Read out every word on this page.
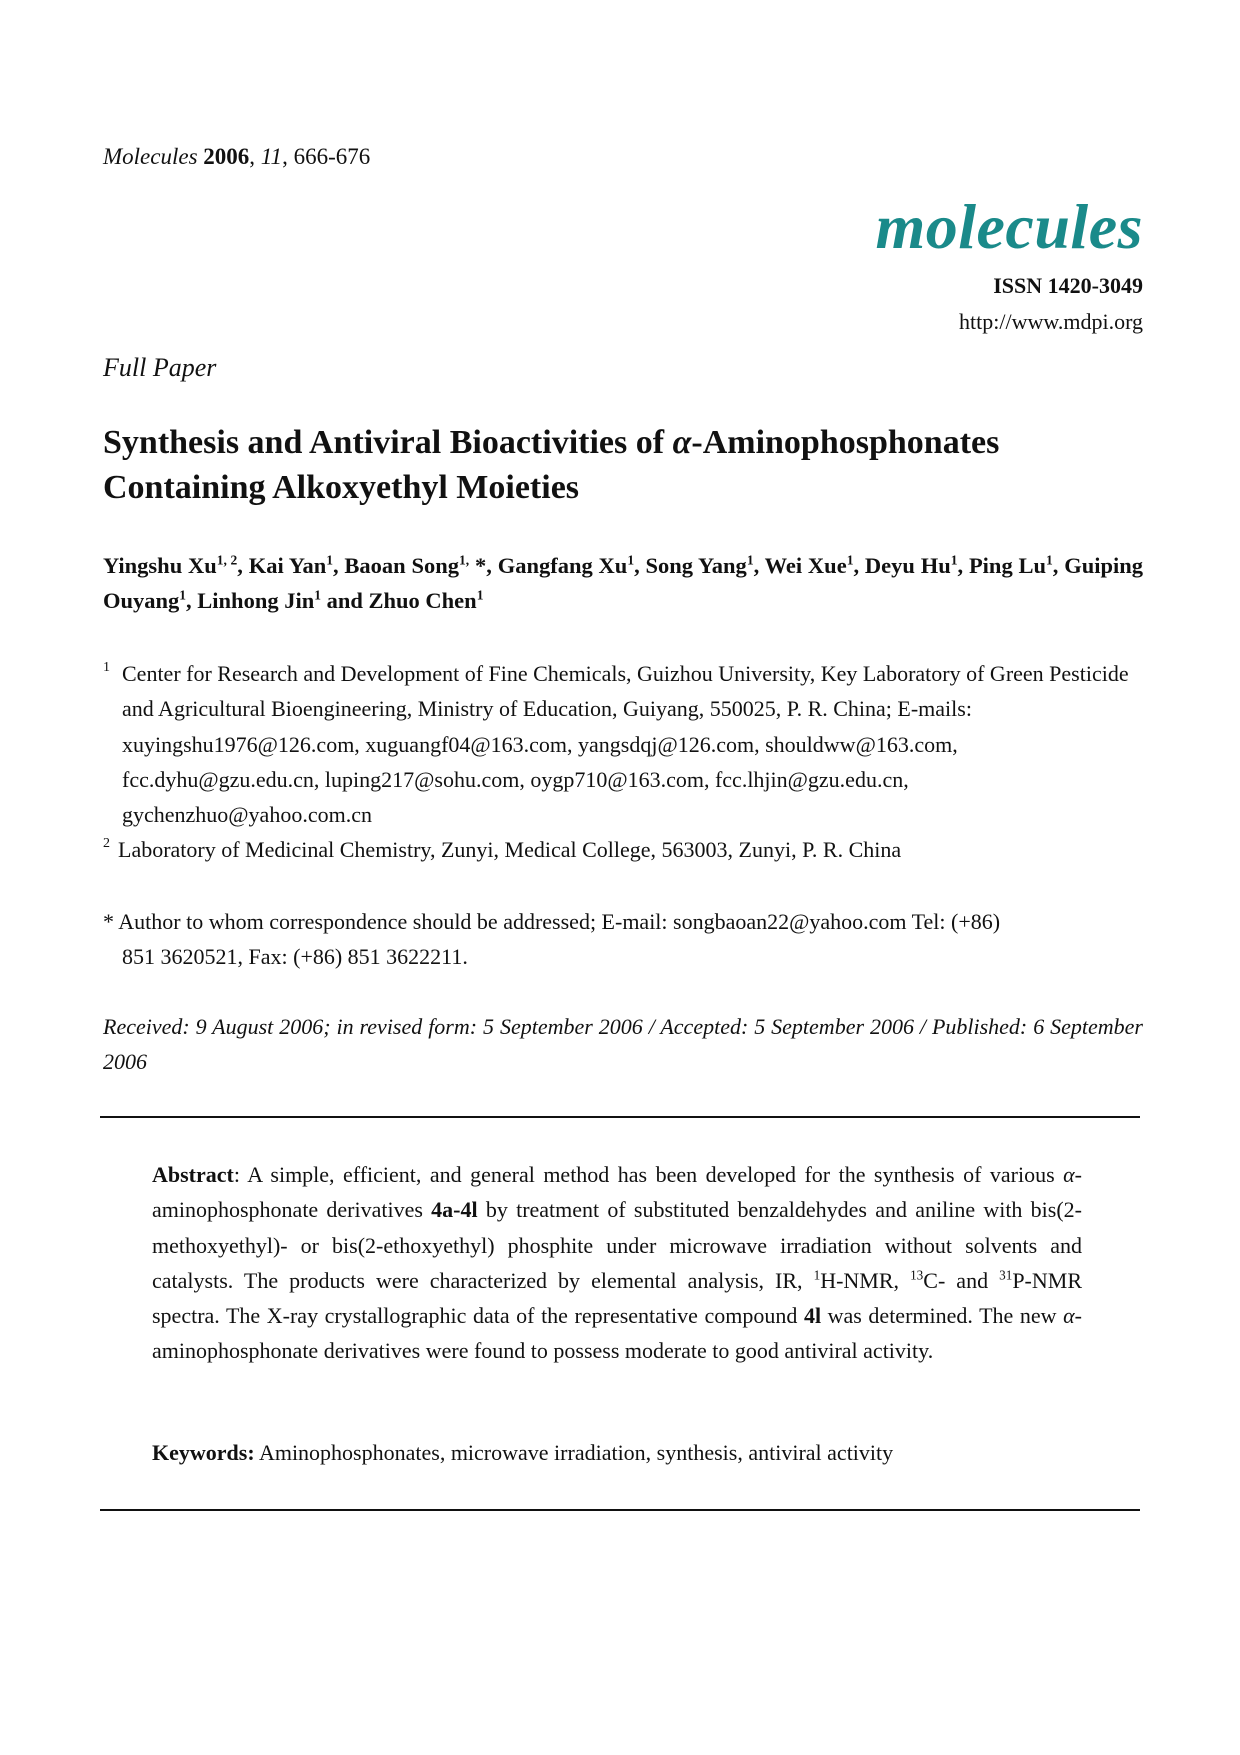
Molecules 2006, 11, 666-676
molecules
ISSN 1420-3049
http://www.mdpi.org
Full Paper
Synthesis and Antiviral Bioactivities of α-Aminophosphonates Containing Alkoxyethyl Moieties
Yingshu Xu$^{1, 2}$, Kai Yan$^1$, Baoan Song$^{1,}$ *, Gangfang Xu$^1$, Song Yang$^1$, Wei Xue$^1$, Deyu Hu$^1$, Ping Lu$^1$, Guiping Ouyang$^1$, Linhong Jin$^1$ and Zhuo Chen$^1$
1 Center for Research and Development of Fine Chemicals, Guizhou University, Key Laboratory of Green Pesticide and Agricultural Bioengineering, Ministry of Education, Guiyang, 550025, P. R. China; E-mails: xuyingshu1976@126.com, xuguangf04@163.com, yangsdqj@126.com, shouldww@163.com, fcc.dyhu@gzu.edu.cn, luping217@sohu.com, oygp710@163.com, fcc.lhjin@gzu.edu.cn, gychenzhuo@yahoo.com.cn
2 Laboratory of Medicinal Chemistry, Zunyi, Medical College, 563003, Zunyi, P. R. China
* Author to whom correspondence should be addressed; E-mail: songbaoan22@yahoo.com Tel: (+86)
851 3620521, Fax: (+86) 851 3622211.
Received: 9 August 2006; in revised form: 5 September 2006 / Accepted: 5 September 2006 / Published: 6 September 2006
Abstract: A simple, efficient, and general method has been developed for the synthesis of various α-aminophosphonate derivatives 4a-4l by treatment of substituted benzaldehydes and aniline with bis(2-methoxyethyl)- or bis(2-ethoxyethyl) phosphite under microwave irradiation without solvents and catalysts. The products were characterized by elemental analysis, IR, $^1$H-NMR, $^{13}$C- and $^{31}$P-NMR spectra. The X-ray crystallographic data of the representative compound 4l was determined. The new α-aminophosphonate derivatives were found to possess moderate to good antiviral activity.
Keywords: Aminophosphonates, microwave irradiation, synthesis, antiviral activity
